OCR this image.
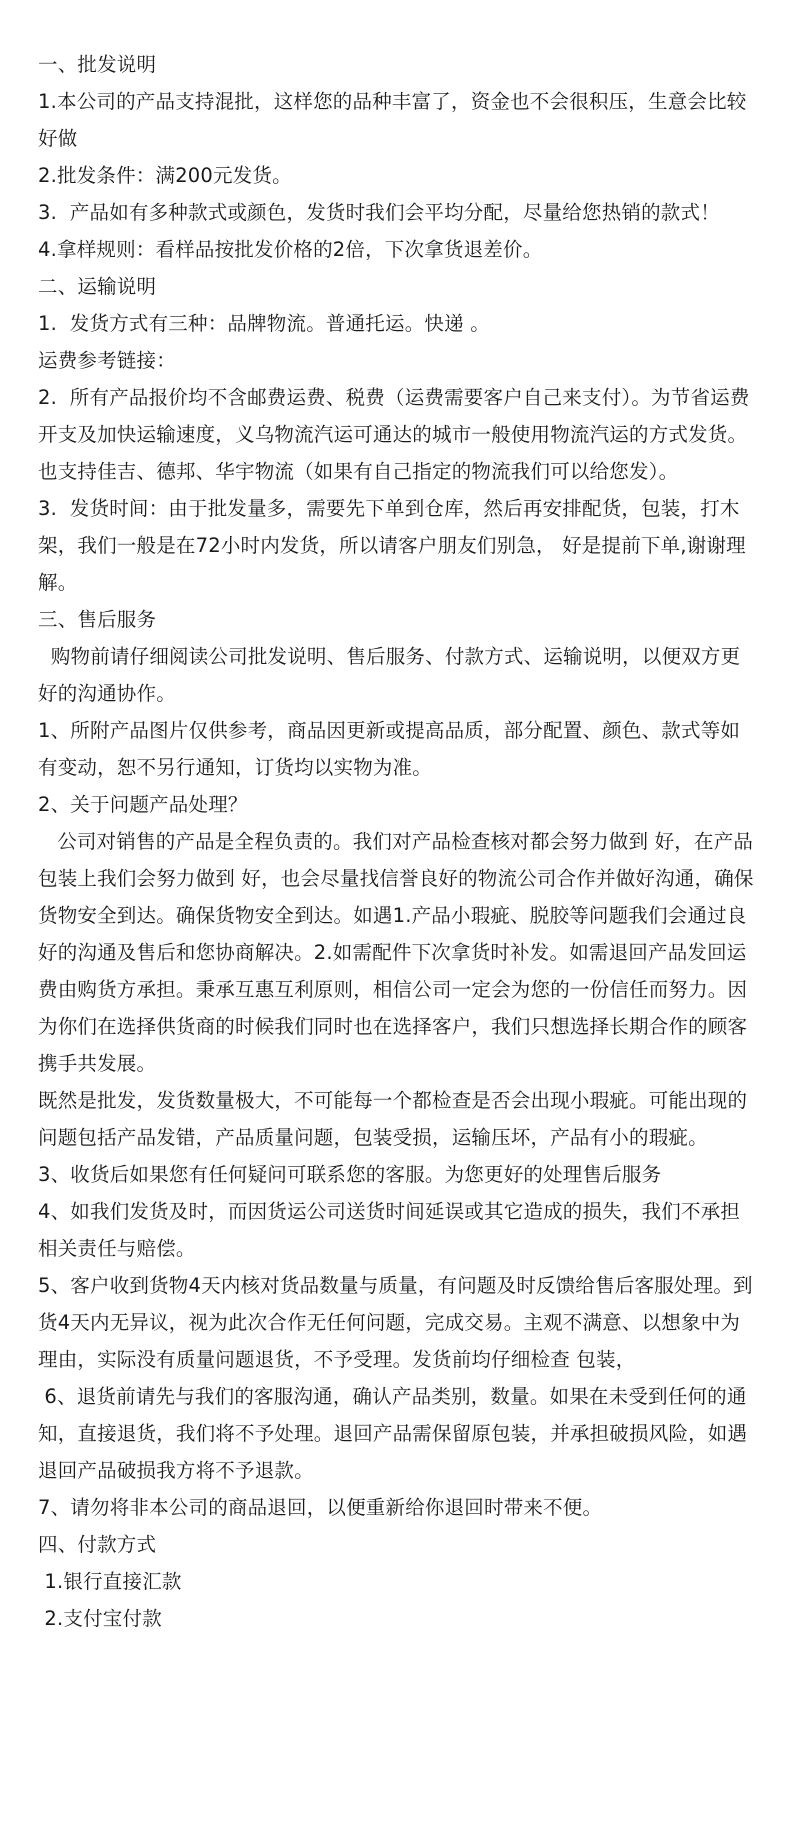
一、批发说明

1.本公司的产品支持混批，这样您的品种丰富了，资金也不会很积压，生意会比较好做

2.批发条件：满200元发货。

3.  产品如有多种款式或颜色，发货时我们会平均分配，尽量给您热销的款式！

4.拿样规则：看样品按批发价格的2倍，下次拿货退差价。

二、运输说明

1.  发货方式有三种：品牌物流。普通托运。快递 。

运费参考链接：

2.  所有产品报价均不含邮费运费、税费（运费需要客户自己来支付）。为节省运费开支及加快运输速度，义乌物流汽运可通达的城市一般使用物流汽运的方式发货。也支持佳吉、德邦、华宇物流（如果有自己指定的物流我们可以给您发）。

3.  发货时间：由于批发量多，需要先下单到仓库，然后再安排配货，包装，打木架，我们一般是在72小时内发货，所以请客户朋友们别急， 好是提前下单,谢谢理解。

三、售后服务

购物前请仔细阅读公司批发说明、售后服务、付款方式、运输说明，以便双方更好的沟通协作。

1、所附产品图片仅供参考，商品因更新或提高品质，部分配置、颜色、款式等如有变动，恕不另行通知，订货均以实物为准。

2、关于问题产品处理？

公司对销售的产品是全程负责的。我们对产品检查核对都会努力做到 好，在产品包装上我们会努力做到 好，也会尽量找信誉良好的物流公司合作并做好沟通，确保货物安全到达。确保货物安全到达。如遇1.产品小瑕疵、脱胶等问题我们会通过良好的沟通及售后和您协商解决。2.如需配件下次拿货时补发。如需退回产品发回运费由购货方承担。秉承互惠互利原则，相信公司一定会为您的一份信任而努力。因为你们在选择供货商的时候我们同时也在选择客户，我们只想选择长期合作的顾客携手共发展。

既然是批发，发货数量极大，不可能每一个都检查是否会出现小瑕疵。可能出现的问题包括产品发错，产品质量问题，包装受损，运输压坏，产品有小的瑕疵。

3、收货后如果您有任何疑问可联系您的客服。为您更好的处理售后服务

4、如我们发货及时，而因货运公司送货时间延误或其它造成的损失，我们不承担相关责任与赔偿。

5、客户收到货物4天内核对货品数量与质量，有问题及时反馈给售后客服处理。到货4天内无异议，视为此次合作无任何问题，完成交易。主观不满意、以想象中为理由，实际没有质量问题退货，不予受理。发货前均仔细检查 包装，

6、退货前请先与我们的客服沟通，确认产品类别，数量。如果在未受到任何的通知，直接退货，我们将不予处理。退回产品需保留原包装，并承担破损风险，如遇退回产品破损我方将不予退款。

7、请勿将非本公司的商品退回，以便重新给你退回时带来不便。

四、付款方式

1.银行直接汇款

2.支付宝付款
